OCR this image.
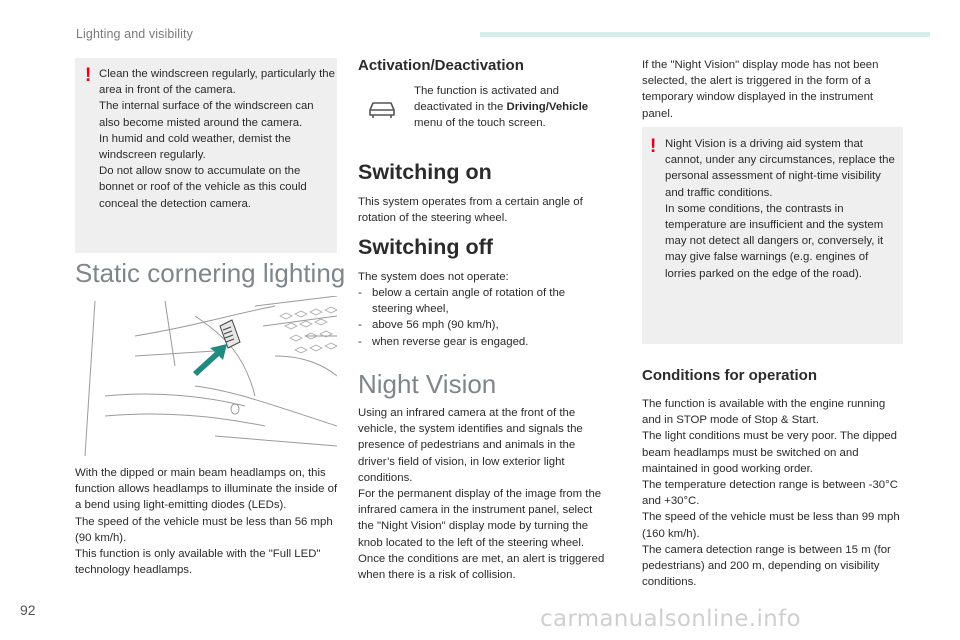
Lighting and visibility
! Clean the windscreen regularly, particularly the area in front of the camera.
The internal surface of the windscreen can also become misted around the camera.
In humid and cold weather, demist the windscreen regularly.
Do not allow snow to accumulate on the bonnet or roof of the vehicle as this could conceal the detection camera.
Static cornering lighting
With the dipped or main beam headlamps on, this function allows headlamps to illuminate the inside of a bend using light-emitting diodes (LEDs).
The speed of the vehicle must be less than 56 mph (90 km/h).
This function is only available with the "Full LED" technology headlamps.
Activation/Deactivation
The function is activated and deactivated in the Driving/Vehicle menu of the touch screen.
Switching on
This system operates from a certain angle of rotation of the steering wheel.
Switching off
The system does not operate:
- below a certain angle of rotation of the steering wheel,
- above 56 mph (90 km/h),
- when reverse gear is engaged.
Night Vision
Using an infrared camera at the front of the vehicle, the system identifies and signals the presence of pedestrians and animals in the driver’s field of vision, in low exterior light conditions.
For the permanent display of the image from the infrared camera in the instrument panel, select the "Night Vision" display mode by turning the knob located to the left of the steering wheel. Once the conditions are met, an alert is triggered when there is a risk of collision.
If the "Night Vision" display mode has not been selected, the alert is triggered in the form of a temporary window displayed in the instrument panel.
! Night Vision is a driving aid system that cannot, under any circumstances, replace the personal assessment of night-time visibility and traffic conditions.
In some conditions, the contrasts in temperature are insufficient and the system may not detect all dangers or, conversely, it may give false warnings (e.g. engines of lorries parked on the edge of the road).
Conditions for operation
The function is available with the engine running and in STOP mode of Stop & Start.
The light conditions must be very poor. The dipped beam headlamps must be switched on and maintained in good working order.
The temperature detection range is between -30°C and +30°C.
The speed of the vehicle must be less than 99 mph (160 km/h).
The camera detection range is between 15 m (for pedestrians) and 200 m, depending on visibility conditions.
92	carmanualsonline.info
